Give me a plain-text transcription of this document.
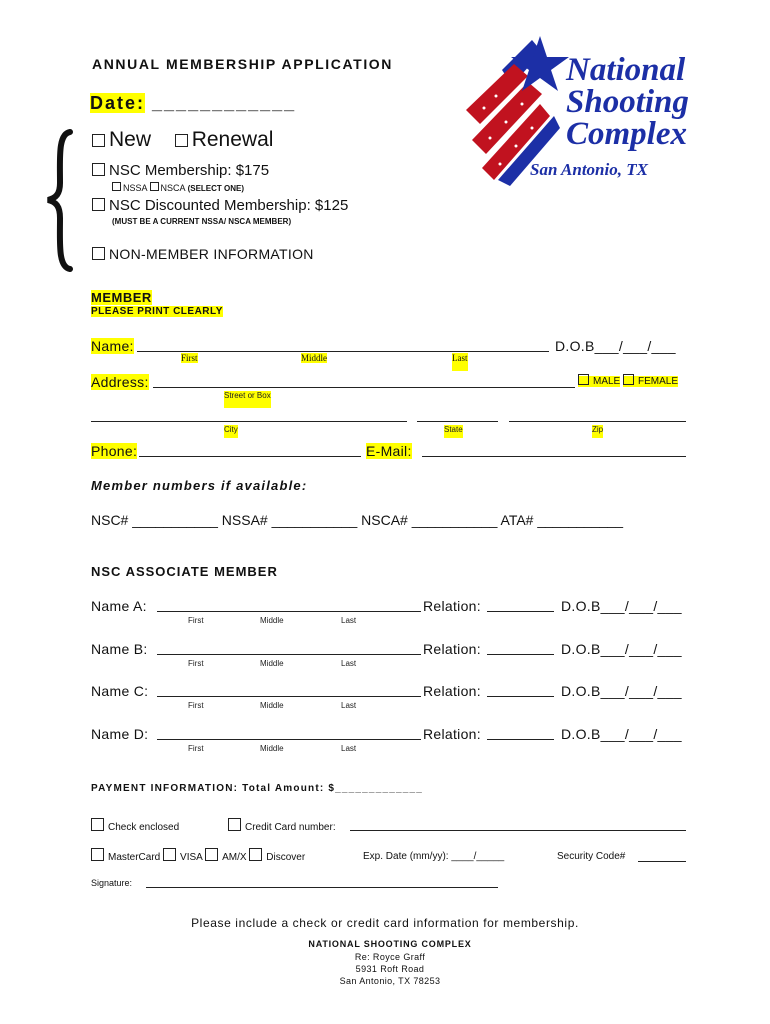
ANNUAL MEMBERSHIP APPLICATION
Date: ____________
National
Shooting
Complex
San Antonio, TX
New Renewal
NSC Membership: $175
NSSA NSCA (SELECT ONE)
NSC Discounted Membership: $125
(MUST BE A CURRENT NSSA/ NSCA MEMBER)
NON-MEMBER INFORMATION
MEMBER
PLEASE PRINT CLEARLY
Name:	D.O.B___/___/___
First	Middle	Last
Address:	MALE FEMALE
Street or Box
City	State	Zip
Phone:	E-Mail:
Member numbers if available:
NSC# ___________ NSSA# ___________ NSCA# ___________ ATA# ___________
NSC ASSOCIATE MEMBER
Name A:	Relation:	D.O.B___/___/___
First	Middle	Last
Name B:	Relation:	D.O.B___/___/___
First	Middle	Last
Name C:	Relation:	D.O.B___/___/___
First	Middle	Last
Name D:	Relation:	D.O.B___/___/___
First	Middle	Last
PAYMENT INFORMATION: Total Amount: $_____________
Check enclosed	Credit Card number:
MasterCard VISA AM/X Discover	Exp. Date (mm/yy): ____/_____	Security Code#
Signature:
Please include a check or credit card information for membership.
NATIONAL SHOOTING COMPLEX
Re: Royce Graff
5931 Roft Road
San Antonio, TX 78253
